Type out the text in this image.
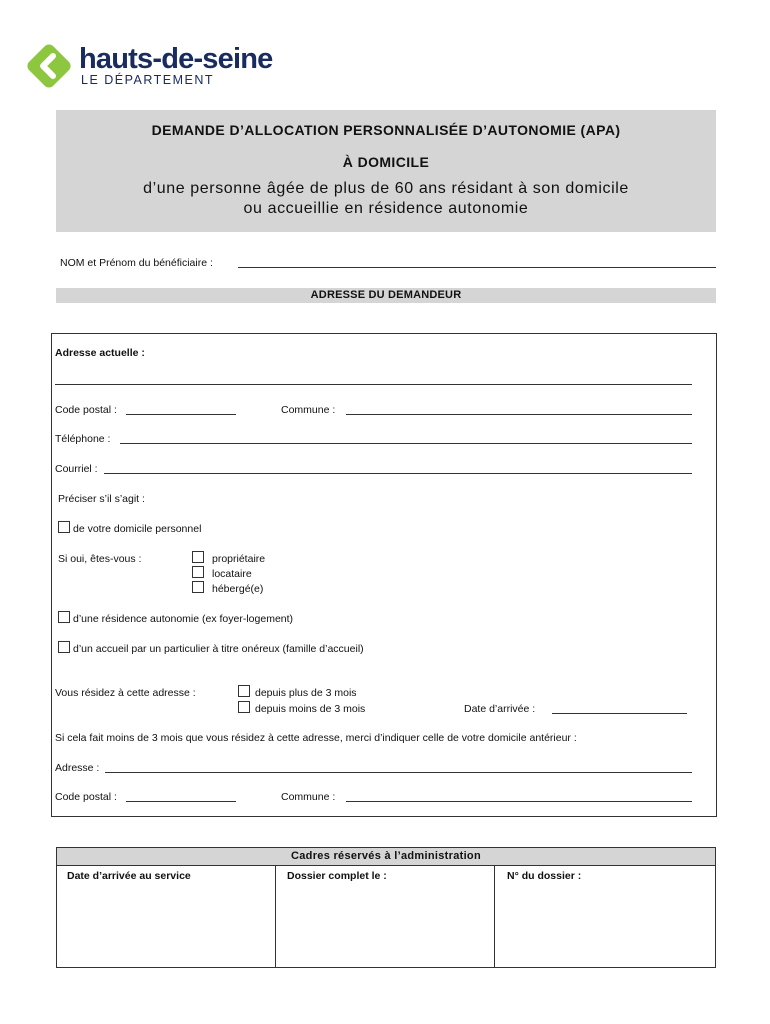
hauts-de-seine
LE DÉPARTEMENT
DEMANDE D’ALLOCATION PERSONNALISÉE D’AUTONOMIE (APA)
À DOMICILE
d’une personne âgée de plus de 60 ans résidant à son domicile
ou accueillie en résidence autonomie
NOM et Prénom du bénéficiaire :
ADRESSE DU DEMANDEUR
Adresse actuelle :
Code postal :	Commune :
Téléphone :
Courriel :
Préciser s’il s’agit :
de votre domicile personnel
Si oui, êtes-vous :	propriétaire
locataire
hébergé(e)
d’une résidence autonomie (ex foyer-logement)
d’un accueil par un particulier à titre onéreux (famille d’accueil)
Vous résidez à cette adresse :	depuis plus de 3 mois
depuis moins de 3 mois	Date d’arrivée :
Si cela fait moins de 3 mois que vous résidez à cette adresse, merci d’indiquer celle de votre domicile antérieur :
Adresse :
Code postal :	Commune :
Cadres réservés à l’administration
Date d’arrivée au service	Dossier complet le :	N° du dossier :
